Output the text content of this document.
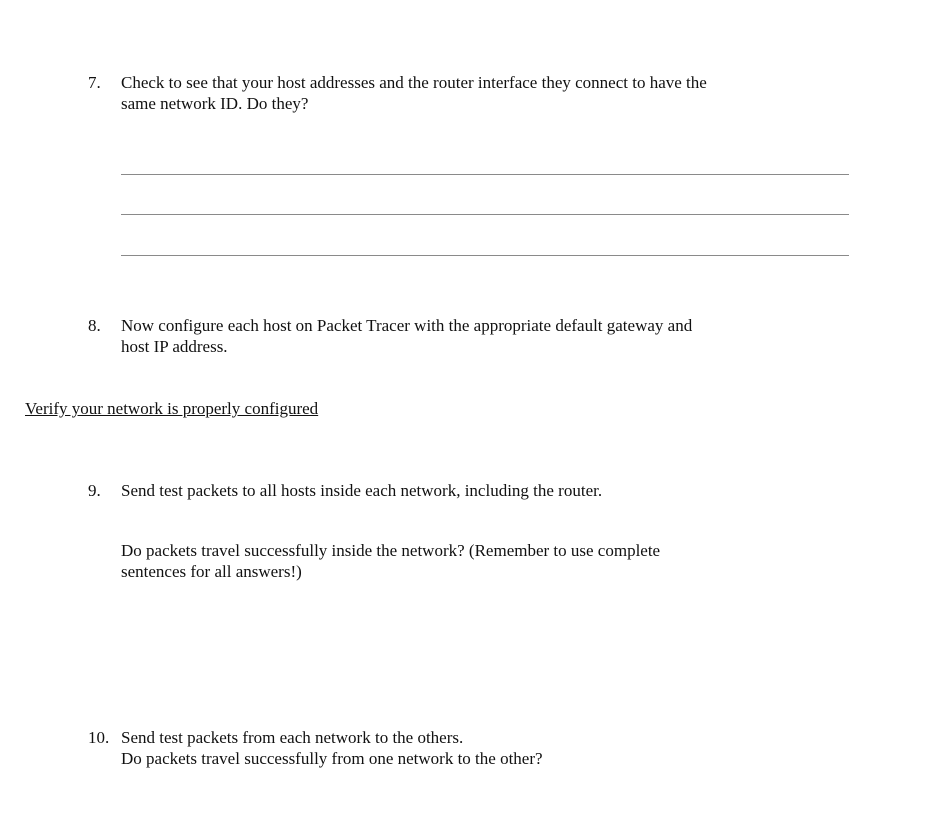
7.	Check to see that your host addresses and the router interface they connect to have the
same network ID. Do they?
8.	Now configure each host on Packet Tracer with the appropriate default gateway and
host IP address.
Verify your network is properly configured
9.	Send test packets to all hosts inside each network, including the router.
Do packets travel successfully inside the network? (Remember to use complete
sentences for all answers!)
10. Send test packets from each network to the others.
Do packets travel successfully from one network to the other?
